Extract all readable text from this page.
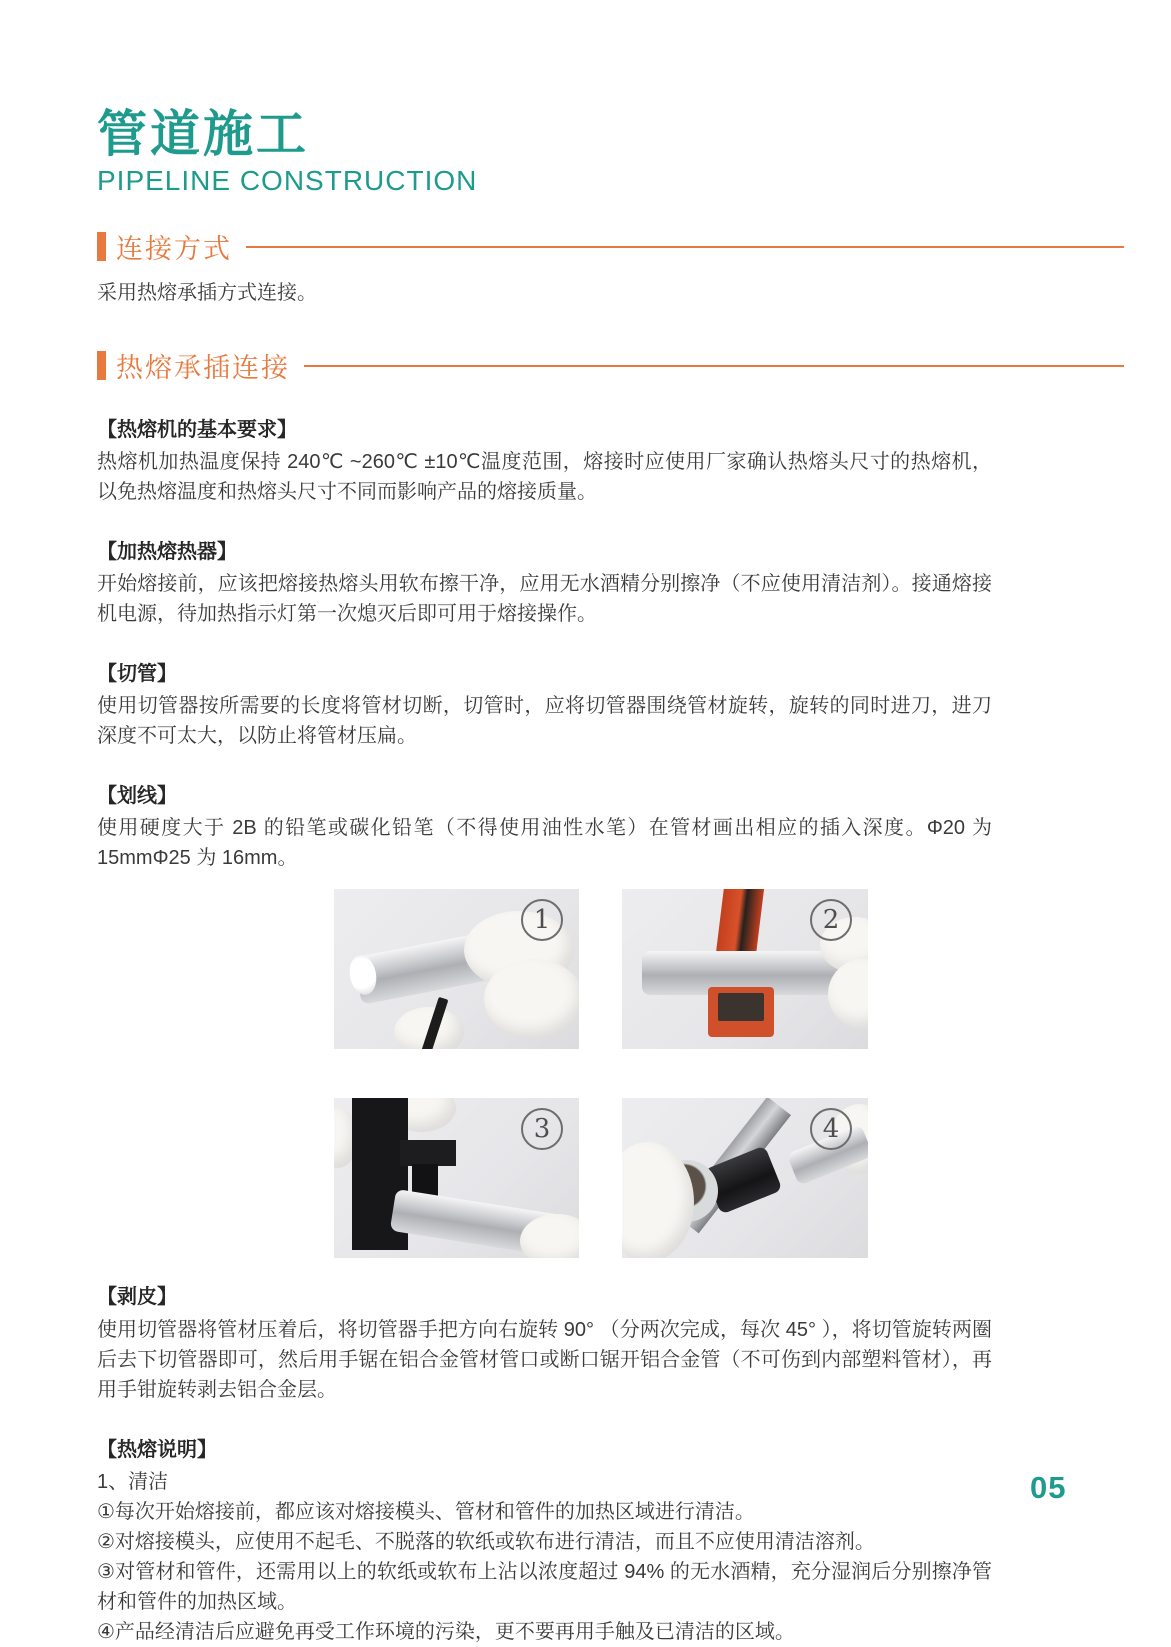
管道施工
PIPELINE CONSTRUCTION
连接方式

采用热熔承插方式连接。

热熔承插连接
【热熔机的基本要求】

热熔机加热温度保持 240℃ ~260℃ ±10℃温度范围，熔接时应使用厂家确认热熔头尺寸的热熔机，以免热熔温度和热熔头尺寸不同而影响产品的熔接质量。

【加热熔热器】

开始熔接前，应该把熔接热熔头用软布擦干净，应用无水酒精分别擦净（不应使用清洁剂）。接通熔接机电源，待加热指示灯第一次熄灭后即可用于熔接操作。

【切管】

使用切管器按所需要的长度将管材切断，切管时，应将切管器围绕管材旋转，旋转的同时进刀，进刀深度不可太大，以防止将管材压扁。

【划线】

使用硬度大于 2B 的铅笔或碳化铅笔（不得使用油性水笔）在管材画出相应的插入深度。Φ20 为 15mmΦ25 为 16mm。

1	2
3	4
【剥皮】

使用切管器将管材压着后，将切管器手把方向右旋转 90° （分两次完成，每次 45° ），将切管旋转两圈后去下切管器即可，然后用手锯在铝合金管材管口或断口锯开铝合金管（不可伤到内部塑料管材），再用手钳旋转剥去铝合金层。

【热熔说明】

1、清洁

①每次开始熔接前，都应该对熔接模头、管材和管件的加热区域进行清洁。

②对熔接模头，应使用不起毛、不脱落的软纸或软布进行清洁，而且不应使用清洁溶剂。

③对管材和管件，还需用以上的软纸或软布上沾以浓度超过 94% 的无水酒精，充分湿润后分别擦净管材和管件的加热区域。

④产品经清洁后应避免再受工作环境的污染，更不要再用手触及已清洁的区域。

05
